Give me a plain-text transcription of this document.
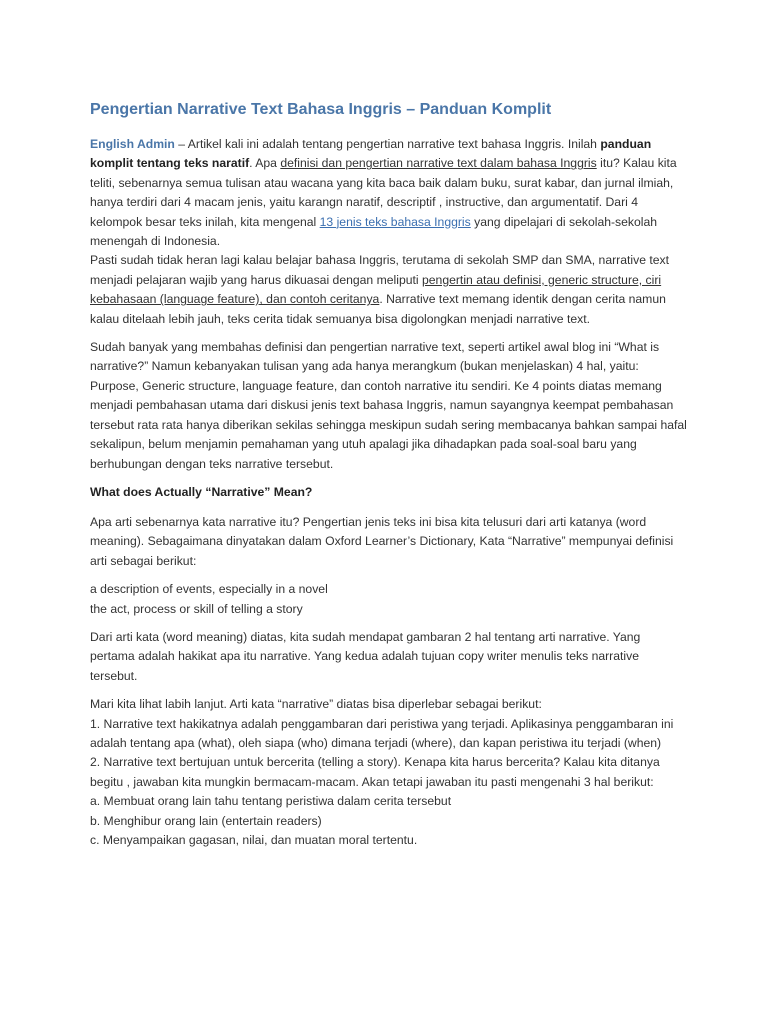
Pengertian Narrative Text Bahasa Inggris – Panduan Komplit

English Admin – Artikel kali ini adalah tentang pengertian narrative text bahasa Inggris. Inilah panduan komplit tentang teks naratif. Apa definisi dan pengertian narrative text dalam bahasa Inggris itu? Kalau kita teliti, sebenarnya semua tulisan atau wacana yang kita baca baik dalam buku, surat kabar, dan jurnal ilmiah, hanya terdiri dari 4 macam jenis, yaitu karangn naratif, descriptif , instructive, dan argumentatif. Dari 4 kelompok besar teks inilah, kita mengenal 13 jenis teks bahasa Inggris yang dipelajari di sekolah-sekolah menengah di Indonesia.

Pasti sudah tidak heran lagi kalau belajar bahasa Inggris, terutama di sekolah SMP dan SMA, narrative text menjadi pelajaran wajib yang harus dikuasai dengan meliputi pengertin atau definisi, generic structure, ciri kebahasaan (language feature), dan contoh ceritanya. Narrative text memang identik dengan cerita namun kalau ditelaah lebih jauh, teks cerita tidak semuanya bisa digolongkan menjadi narrative text.

Sudah banyak yang membahas definisi dan pengertian narrative text, seperti artikel awal blog ini “What is narrative?” Namun kebanyakan tulisan yang ada hanya merangkum (bukan menjelaskan) 4 hal, yaitu: Purpose, Generic structure, language feature, dan contoh narrative itu sendiri. Ke 4 points diatas memang menjadi pembahasan utama dari diskusi jenis text bahasa Inggris, namun sayangnya keempat pembahasan tersebut rata rata hanya diberikan sekilas sehingga meskipun sudah sering membacanya bahkan sampai hafal sekalipun, belum menjamin pemahaman yang utuh apalagi jika dihadapkan pada soal-soal baru yang berhubungan dengan teks narrative tersebut.

What does Actually “Narrative” Mean?

Apa arti sebenarnya kata narrative itu? Pengertian jenis teks ini bisa kita telusuri dari arti katanya (word meaning). Sebagaimana dinyatakan dalam Oxford Learner’s Dictionary, Kata “Narrative” mempunyai definisi arti sebagai berikut:

a description of events, especially in a novel
the act, process or skill of telling a story

Dari arti kata (word meaning) diatas, kita sudah mendapat gambaran 2 hal tentang arti narrative. Yang pertama adalah hakikat apa itu narrative. Yang kedua adalah tujuan copy writer menulis teks narrative tersebut.

Mari kita lihat labih lanjut. Arti kata “narrative” diatas bisa diperlebar sebagai berikut:
1. Narrative text hakikatnya adalah penggambaran dari peristiwa yang terjadi. Aplikasinya penggambaran ini adalah tentang apa (what), oleh siapa (who) dimana terjadi (where), dan kapan peristiwa itu terjadi (when)
2. Narrative text bertujuan untuk bercerita (telling a story). Kenapa kita harus bercerita? Kalau kita ditanya begitu , jawaban kita mungkin bermacam-macam. Akan tetapi jawaban itu pasti mengenahi 3 hal berikut:
a. Membuat orang lain tahu tentang peristiwa dalam cerita tersebut
b. Menghibur orang lain (entertain readers)
c. Menyampaikan gagasan, nilai, dan muatan moral tertentu.
